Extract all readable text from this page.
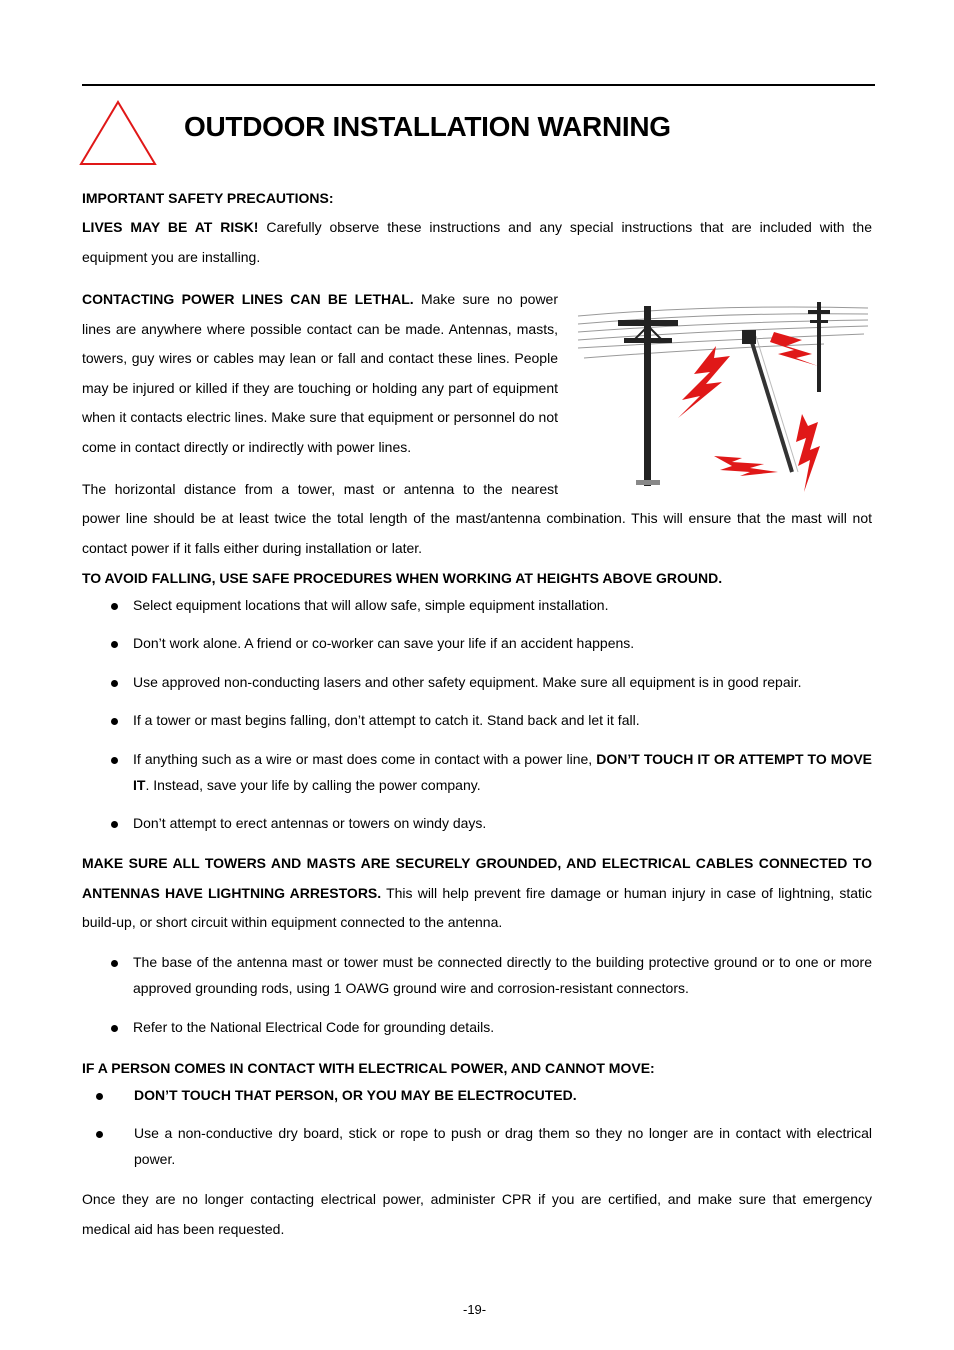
OUTDOOR INSTALLATION WARNING
IMPORTANT SAFETY PRECAUTIONS:

LIVES MAY BE AT RISK! Carefully observe these instructions and any special instructions that are included with the equipment you are installing.

CONTACTING POWER LINES CAN BE LETHAL. Make sure no power lines are anywhere where possible contact can be made. Antennas, masts, towers, guy wires or cables may lean or fall and contact these lines. People may be injured or killed if they are touching or holding any part of equipment when it contacts electric lines. Make sure that equipment or personnel do not come in contact directly or indirectly with power lines.

The horizontal distance from a tower, mast or antenna to the nearest

power line should be at least twice the total length of the mast/antenna combination. This will ensure that the mast will not contact power if it falls either during installation or later.

TO AVOID FALLING, USE SAFE PROCEDURES WHEN WORKING AT HEIGHTS ABOVE GROUND.
Select equipment locations that will allow safe, simple equipment installation.
Don’t work alone. A friend or co-worker can save your life if an accident happens.
Use approved non-conducting lasers and other safety equipment. Make sure all equipment is in good repair.
If a tower or mast begins falling, don’t attempt to catch it. Stand back and let it fall.
If anything such as a wire or mast does come in contact with a power line, DON’T TOUCH IT OR ATTEMPT TO MOVE IT. Instead, save your life by calling the power company.
Don’t attempt to erect antennas or towers on windy days.

MAKE SURE ALL TOWERS AND MASTS ARE SECURELY GROUNDED, AND ELECTRICAL CABLES CONNECTED TO ANTENNAS HAVE LIGHTNING ARRESTORS. This will help prevent fire damage or human injury in case of lightning, static build-up, or short circuit within equipment connected to the antenna.

The base of the antenna mast or tower must be connected directly to the building protective ground or to one or more approved grounding rods, using 1 OAWG ground wire and corrosion-resistant connectors.
Refer to the National Electrical Code for grounding details.
IF A PERSON COMES IN CONTACT WITH ELECTRICAL POWER, AND CANNOT MOVE:
DON’T TOUCH THAT PERSON, OR YOU MAY BE ELECTROCUTED.
Use a non-conductive dry board, stick or rope to push or drag them so they no longer are in contact with electrical power.

Once they are no longer contacting electrical power, administer CPR if you are certified, and make sure that emergency medical aid has been requested.

-19-
